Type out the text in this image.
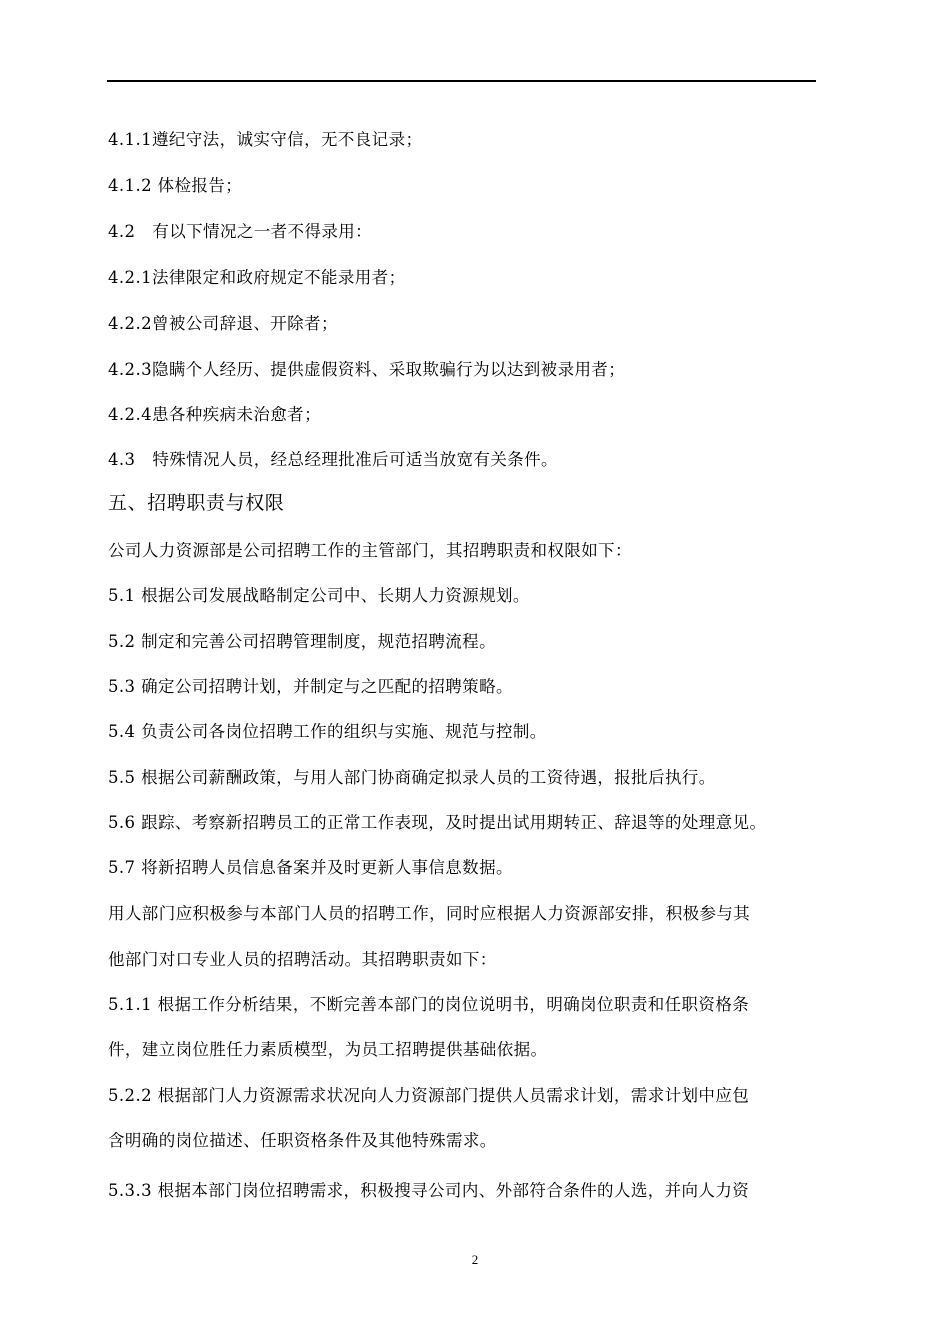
4.1.1遵纪守法，诚实守信，无不良记录；
4.1.2 体检报告；
4.2　有以下情况之一者不得录用：
4.2.1法律限定和政府规定不能录用者；
4.2.2曾被公司辞退、开除者；
4.2.3隐瞒个人经历、提供虚假资料、采取欺骗行为以达到被录用者；
4.2.4患各种疾病未治愈者；
4.3　特殊情况人员，经总经理批准后可适当放宽有关条件。
五、招聘职责与权限
公司人力资源部是公司招聘工作的主管部门，其招聘职责和权限如下：
5.1 根据公司发展战略制定公司中、长期人力资源规划。
5.2 制定和完善公司招聘管理制度，规范招聘流程。
5.3 确定公司招聘计划，并制定与之匹配的招聘策略。
5.4 负责公司各岗位招聘工作的组织与实施、规范与控制。
5.5 根据公司薪酬政策，与用人部门协商确定拟录人员的工资待遇，报批后执行。
5.6 跟踪、考察新招聘员工的正常工作表现，及时提出试用期转正、辞退等的处理意见。
5.7 将新招聘人员信息备案并及时更新人事信息数据。
用人部门应积极参与本部门人员的招聘工作，同时应根据人力资源部安排，积极参与其
他部门对口专业人员的招聘活动。其招聘职责如下：
5.1.1 根据工作分析结果，不断完善本部门的岗位说明书，明确岗位职责和任职资格条
件，建立岗位胜任力素质模型，为员工招聘提供基础依据。
5.2.2 根据部门人力资源需求状况向人力资源部门提供人员需求计划，需求计划中应包
含明确的岗位描述、任职资格条件及其他特殊需求。
5.3.3 根据本部门岗位招聘需求，积极搜寻公司内、外部符合条件的人选，并向人力资
2
